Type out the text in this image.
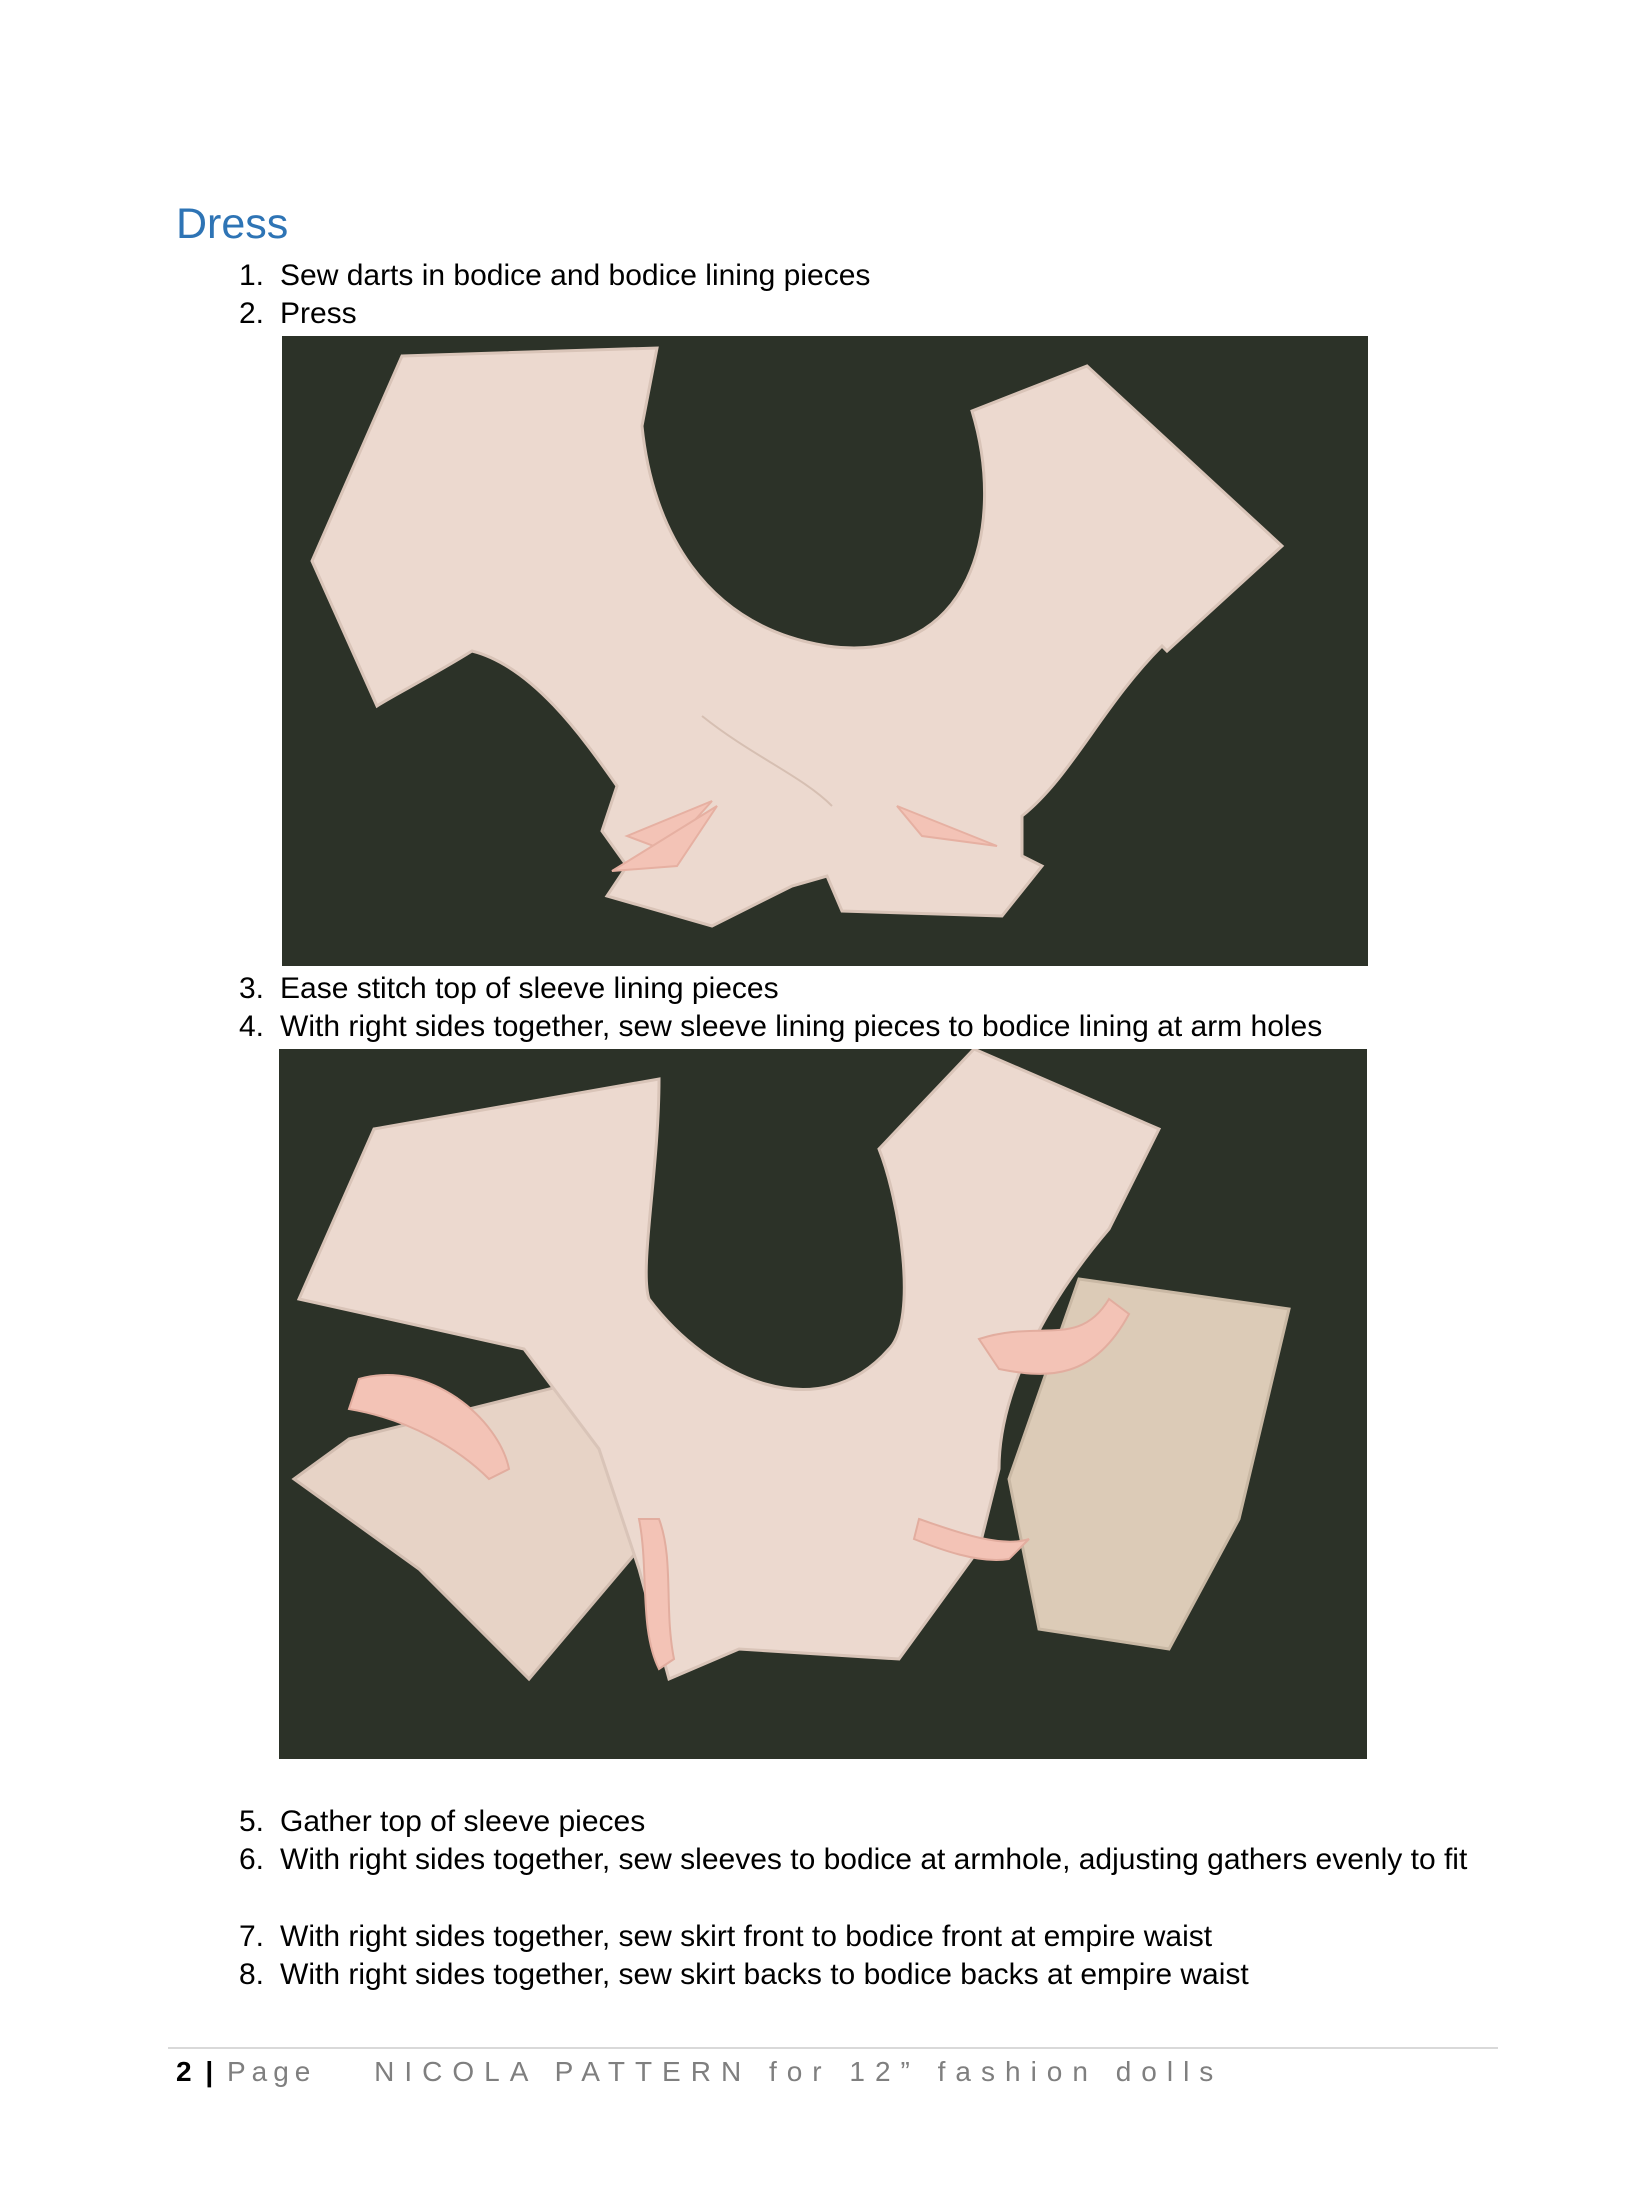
Dress
1. Sew darts in bodice and bodice lining pieces
2. Press
3. Ease stitch top of sleeve lining pieces
4. With right sides together, sew sleeve lining pieces to bodice lining at arm holes
5. Gather top of sleeve pieces
6. With right sides together, sew sleeves to bodice at armhole, adjusting gathers evenly to fit
7. With right sides together, sew skirt front to bodice front at empire waist
8. With right sides together, sew skirt backs to bodice backs at empire waist
2 | Page NICOLA PATTERN for 12” fashion dolls
